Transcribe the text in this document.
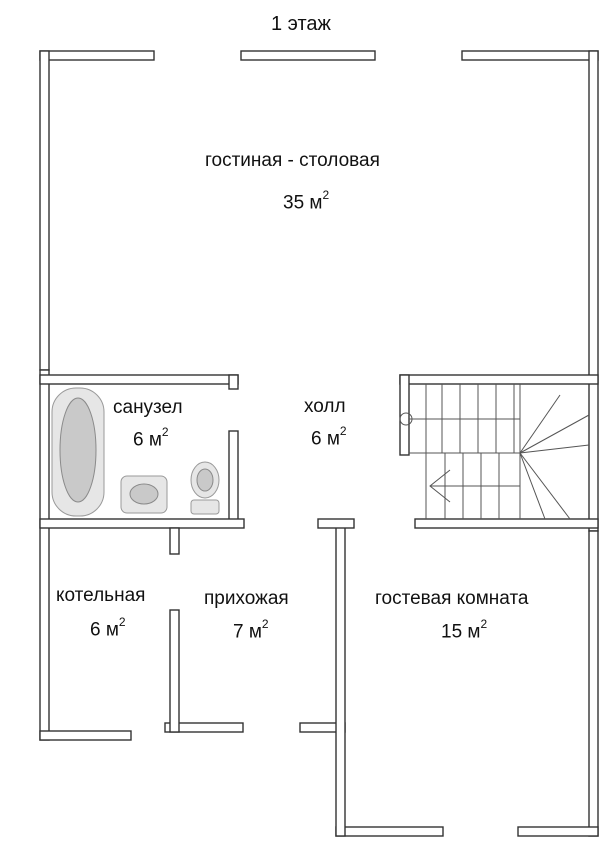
1 этаж
гостиная - столовая
35 $м^2$
санузел
6 $м^2$
холл
6 $м^2$
котельная
6 $м^2$
прихожая
7 $м^2$
гостевая комната
15 $м^2$
